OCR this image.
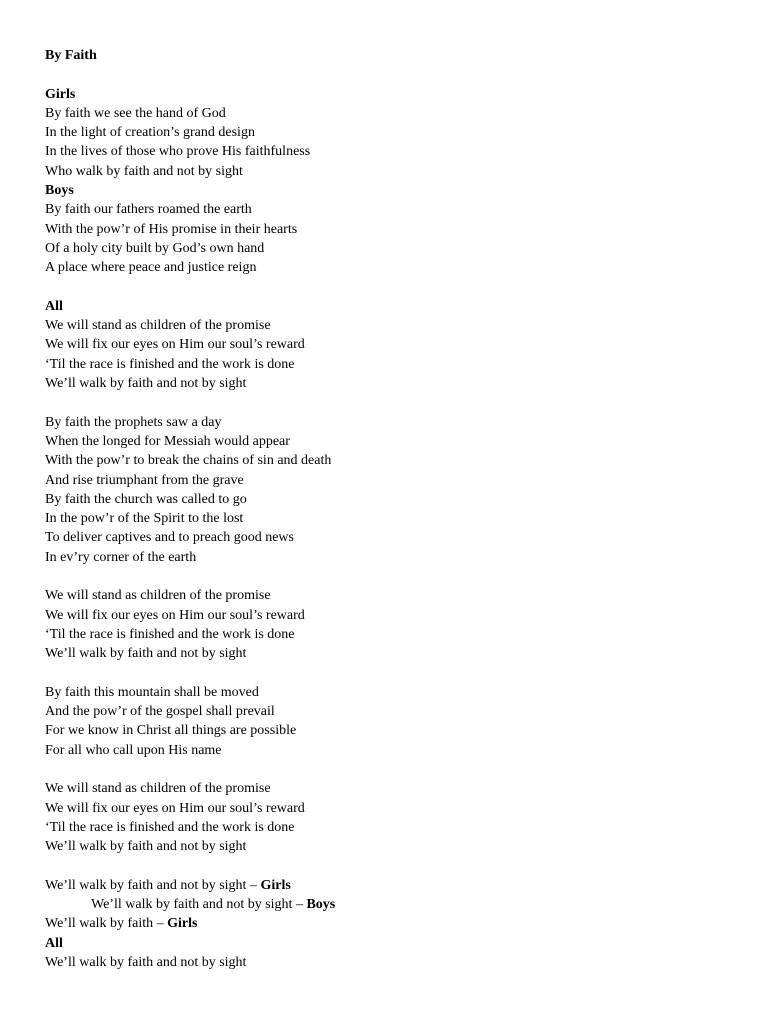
By Faith
Girls
By faith we see the hand of God
In the light of creation’s grand design
In the lives of those who prove His faithfulness
Who walk by faith and not by sight
Boys
By faith our fathers roamed the earth
With the pow’r of His promise in their hearts
Of a holy city built by God’s own hand
A place where peace and justice reign
All
We will stand as children of the promise
We will fix our eyes on Him our soul’s reward
‘Til the race is finished and the work is done
We’ll walk by faith and not by sight
By faith the prophets saw a day
When the longed for Messiah would appear
With the pow’r to break the chains of sin and death
And rise triumphant from the grave
By faith the church was called to go
In the pow’r of the Spirit to the lost
To deliver captives and to preach good news
In ev’ry corner of the earth
We will stand as children of the promise
We will fix our eyes on Him our soul’s reward
‘Til the race is finished and the work is done
We’ll walk by faith and not by sight
By faith this mountain shall be moved
And the pow’r of the gospel shall prevail
For we know in Christ all things are possible
For all who call upon His name
We will stand as children of the promise
We will fix our eyes on Him our soul’s reward
‘Til the race is finished and the work is done
We’ll walk by faith and not by sight
We’ll walk by faith and not by sight – Girls
We’ll walk by faith and not by sight – Boys
We’ll walk by faith – Girls
All
We’ll walk by faith and not by sight
